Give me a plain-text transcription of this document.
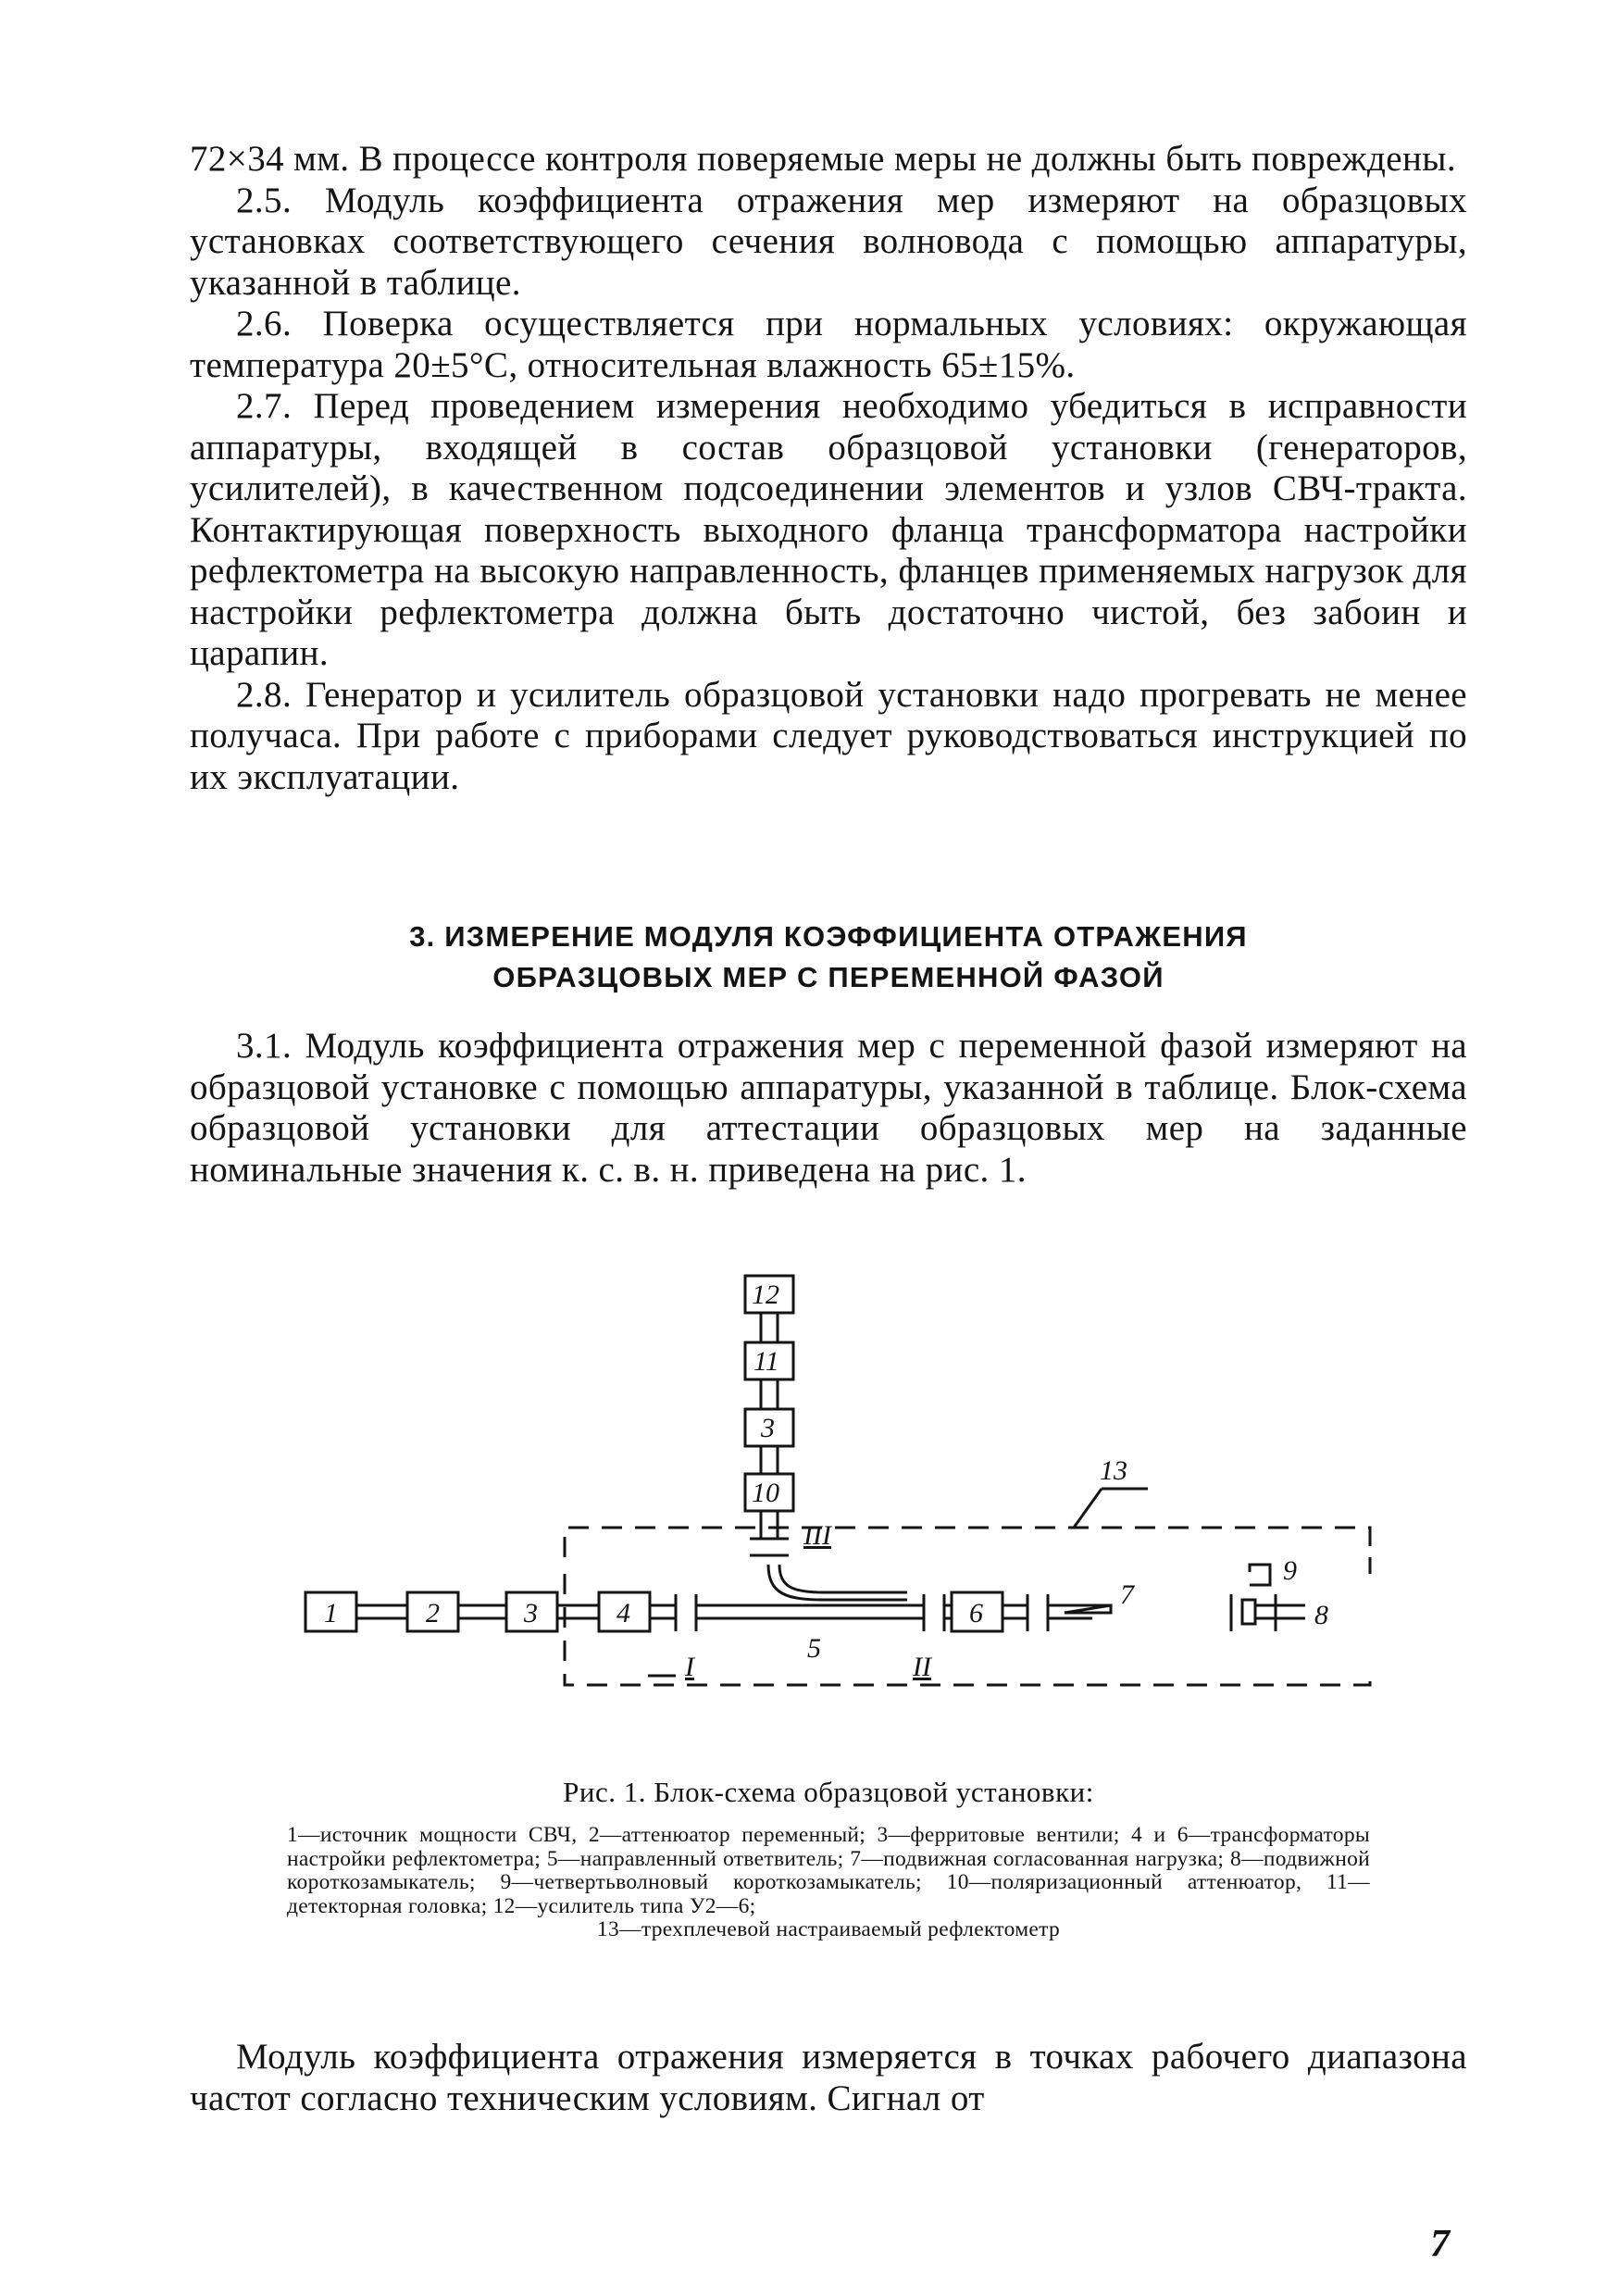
72×34 мм. В процессе контроля поверяемые меры не должны быть повреждены.

2.5. Модуль коэффициента отражения мер измеряют на образцовых установках соответствующего сечения волновода с помощью аппаратуры, указанной в таблице.

2.6. Поверка осуществляется при нормальных условиях: окружающая температура 20±5°С, относительная влажность 65±15%.

2.7. Перед проведением измерения необходимо убедиться в исправности аппаратуры, входящей в состав образцовой установки (генераторов, усилителей), в качественном подсоединении элементов и узлов СВЧ-тракта. Контактирующая поверхность выходного фланца трансформатора настройки рефлектометра на высокую направленность, фланцев применяемых нагрузок для настройки рефлектометра должна быть достаточно чистой, без забоин и царапин.

2.8. Генератор и усилитель образцовой установки надо прогревать не менее получаса. При работе с приборами следует руководствоваться инструкцией по их эксплуатации.

3. ИЗМЕРЕНИЕ МОДУЛЯ КОЭФФИЦИЕНТА ОТРАЖЕНИЯ
ОБРАЗЦОВЫХ МЕР С ПЕРЕМЕННОЙ ФАЗОЙ

3.1. Модуль коэффициента отражения мер с переменной фазой измеряют на образцовой установке с помощью аппаратуры, указанной в таблице. Блок-схема образцовой установки для аттестации образцовых мер на заданные номинальные значения к. с. в. н. приведена на рис. 1.

1	2	3	4	6
12
11
3
10
5
7
8
9
13
I	II
III
Рис. 1. Блок-схема образцовой установки:
1—источник мощности СВЧ, 2—аттенюатор переменный; 3—ферритовые вентили; 4 и 6—трансформаторы настройки рефлектометра; 5—направленный ответвитель; 7—подвижная согласованная нагрузка; 8—подвижной короткозамыкатель; 9—четвертьволновый короткозамыкатель; 10—поляризационный аттенюатор, 11—детекторная головка; 12—усилитель типа У2—6;
13—трехплечевой настраиваемый рефлектометр

Модуль коэффициента отражения измеряется в точках рабочего диапазона частот согласно техническим условиям. Сигнал от

7
